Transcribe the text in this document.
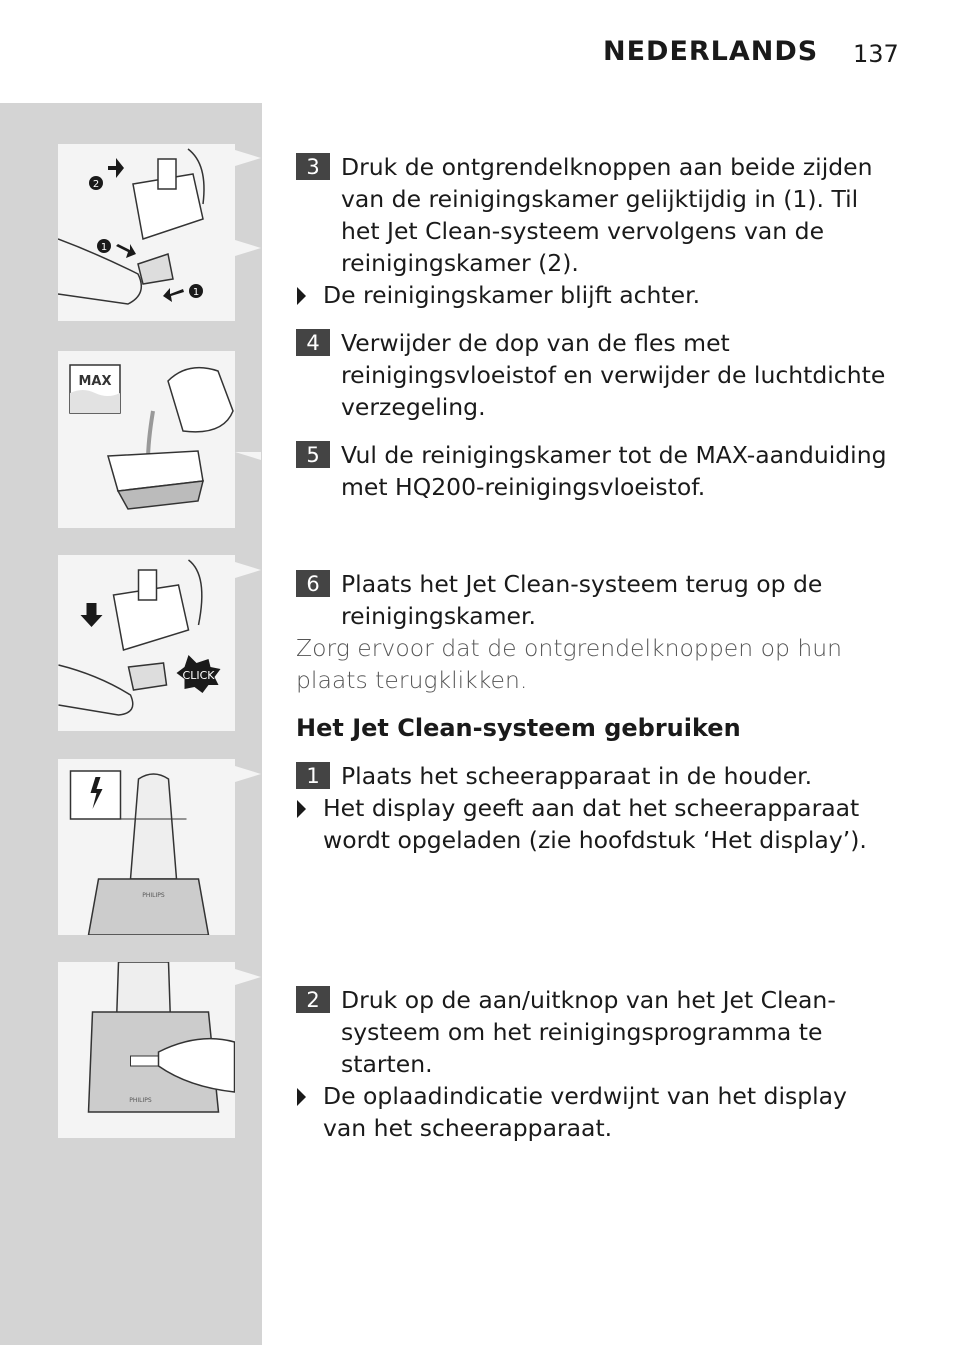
NEDERLANDS 137
2
1
1
MAX
CLICK
PHILIPS
PHILIPS
3 Druk de ontgrendelknoppen aan beide zijden van de reinigingskamer gelijktijdig in (1). Til het Jet Clean-systeem vervolgens van de reinigingskamer (2).
De reinigingskamer blijft achter.
4 Verwijder de dop van de fles met reinigingsvloeistof en verwijder de luchtdichte verzegeling.
5 Vul de reinigingskamer tot de MAX-aanduiding met HQ200-reinigingsvloeistof.
6 Plaats het Jet Clean-systeem terug op de reinigingskamer.
Zorg ervoor dat de ontgrendelknoppen op hun plaats terugklikken.
Het Jet Clean-systeem gebruiken
1 Plaats het scheerapparaat in de houder.
Het display geeft aan dat het scheerapparaat wordt opgeladen (zie hoofdstuk ‘Het display’).
2 Druk op de aan/uitknop van het Jet Clean-systeem om het reinigingsprogramma te starten.
De oplaadindicatie verdwijnt van het display van het scheerapparaat.
